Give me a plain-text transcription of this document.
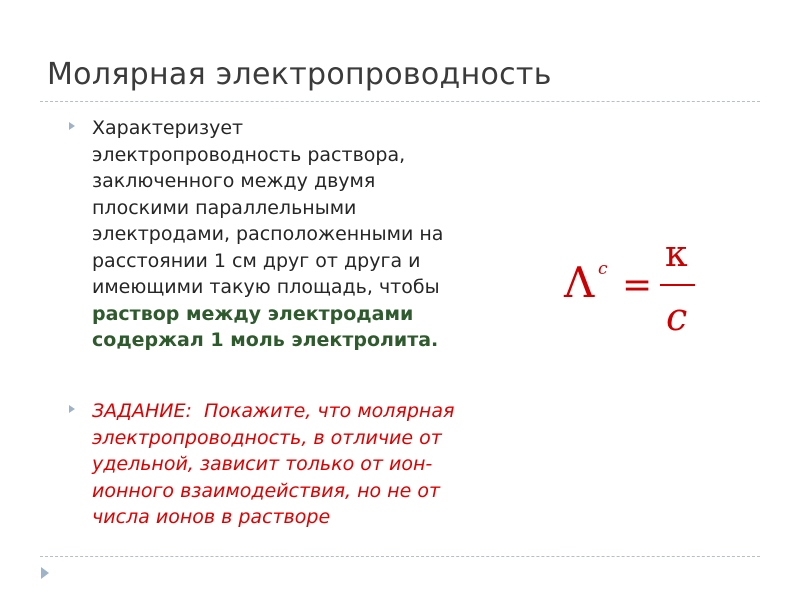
Молярная электропроводность
Характеризует
электропроводность раствора,
заключенного между двумя
плоскими параллельными
электродами, расположенными на
расстоянии 1 см друг от друга и
имеющими такую площадь, чтобы
раствор между электродами
содержал 1 моль электролита.
ЗАДАНИЕ: Покажите, что молярная
электропроводность, в отличие от
удельной, зависит только от ион-
ионного взаимодействия, но не от
числа ионов в растворе
Λ c =
κ
c
